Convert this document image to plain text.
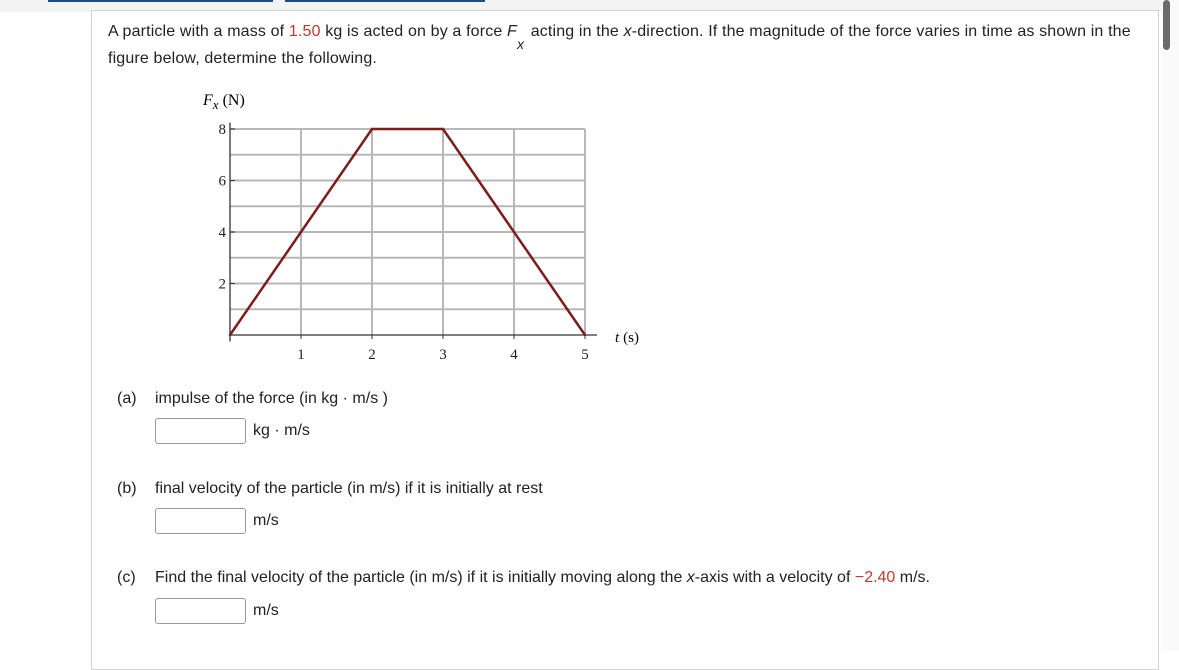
A particle with a mass of 1.50 kg is acted on by a force F
x
acting in the x-direction. If the magnitude of the force varies in time as shown in the figure below, determine the following.
1	2	3	4	5
2
4
6
8
$F_x$ (N)
t (s)
(a) impulse of the force (in kg · m/s )
kg · m/s
(b) final velocity of the particle (in m/s) if it is initially at rest
m/s
(c) Find the final velocity of the particle (in m/s) if it is initially moving along the x-axis with a velocity of −2.40 m/s.
m/s
